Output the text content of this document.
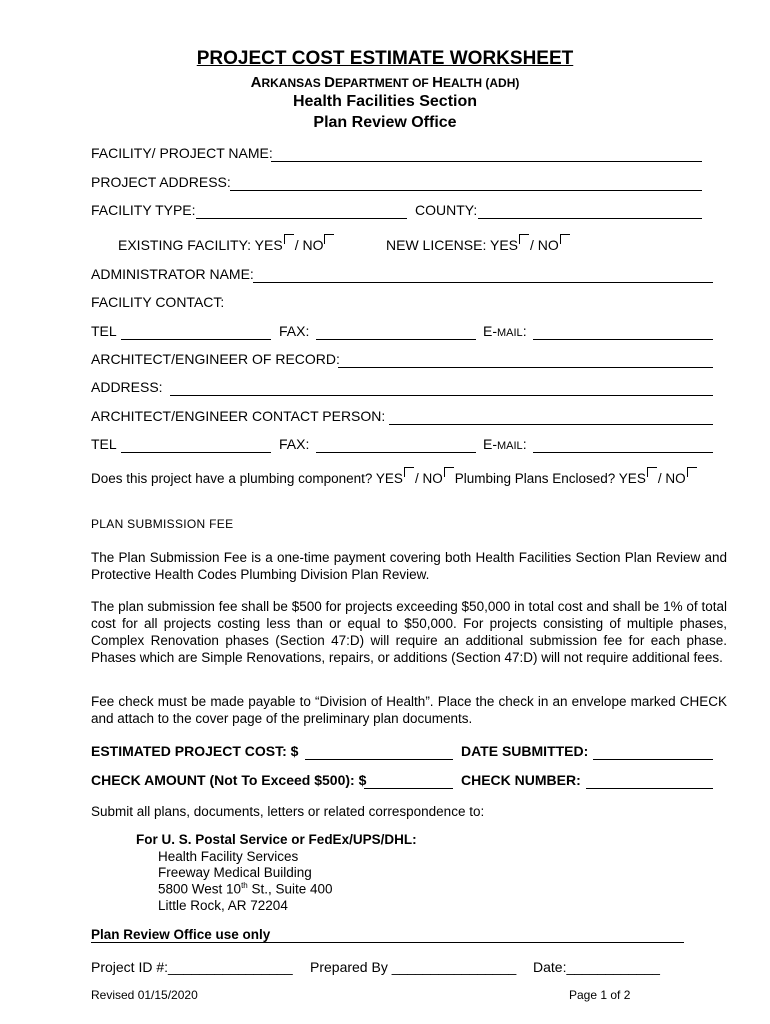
PROJECT COST ESTIMATE WORKSHEET
ARKANSAS DEPARTMENT OF HEALTH (ADH)
Health Facilities Section
Plan Review Office
FACILITY/ PROJECT NAME:
PROJECT ADDRESS:
FACILITY TYPE:	COUNTY:
EXISTING FACILITY: YES / NO	NEW LICENSE: YES / NO
ADMINISTRATOR NAME:
FACILITY CONTACT:
TEL	FAX:	E-MAIL:
ARCHITECT/ENGINEER OF RECORD:
ADDRESS:
ARCHITECT/ENGINEER CONTACT PERSON:
TEL	FAX:	E-MAIL:
Does this project have a plumbing component? YES / NO Plumbing Plans Enclosed? YES / NO
PLAN SUBMISSION FEE
The Plan Submission Fee is a one-time payment covering both Health Facilities Section Plan Review and Protective Health Codes Plumbing Division Plan Review.
The plan submission fee shall be $500 for projects exceeding $50,000 in total cost and shall be 1% of total cost for all projects costing less than or equal to $50,000. For projects consisting of multiple phases, Complex Renovation phases (Section 47:D) will require an additional submission fee for each phase. Phases which are Simple Renovations, repairs, or additions (Section 47:D) will not require additional fees.
Fee check must be made payable to “Division of Health”. Place the check in an envelope marked CHECK and attach to the cover page of the preliminary plan documents.
ESTIMATED PROJECT COST: $	DATE SUBMITTED:
CHECK AMOUNT (Not To Exceed $500): $	CHECK NUMBER:
Submit all plans, documents, letters or related correspondence to:
For U. S. Postal Service or FedEx/UPS/DHL:
Health Facility Services
Freeway Medical Building
5800 West 10th St., Suite 400
Little Rock, AR 72204
Plan Review Office use only
Project ID #:________________ Prepared By ________________ Date:____________
Revised 01/15/2020	Page 1 of 2
